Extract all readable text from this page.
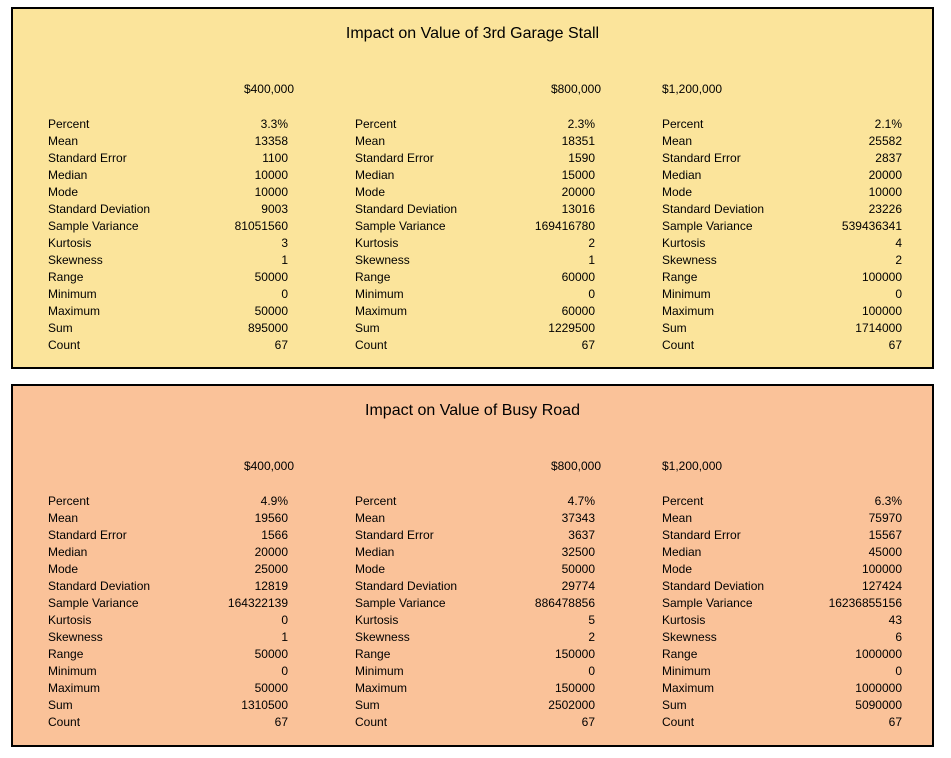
Impact on Value of 3rd Garage Stall
$400,000
Percent	3.3%
Mean	13358
Standard Error	1100
Median	10000
Mode	10000
Standard Deviation	9003
Sample Variance	81051560
Kurtosis	3
Skewness	1
Range	50000
Minimum	0
Maximum	50000
Sum	895000
Count	67
$800,000
Percent	2.3%
Mean	18351
Standard Error	1590
Median	15000
Mode	20000
Standard Deviation	13016
Sample Variance	169416780
Kurtosis	2
Skewness	1
Range	60000
Minimum	0
Maximum	60000
Sum	1229500
Count	67
$1,200,000
Percent	2.1%
Mean	25582
Standard Error	2837
Median	20000
Mode	10000
Standard Deviation	23226
Sample Variance	539436341
Kurtosis	4
Skewness	2
Range	100000
Minimum	0
Maximum	100000
Sum	1714000
Count	67
Impact on Value of Busy Road
$400,000
Percent	4.9%
Mean	19560
Standard Error	1566
Median	20000
Mode	25000
Standard Deviation	12819
Sample Variance	164322139
Kurtosis	0
Skewness	1
Range	50000
Minimum	0
Maximum	50000
Sum	1310500
Count	67
$800,000
Percent	4.7%
Mean	37343
Standard Error	3637
Median	32500
Mode	50000
Standard Deviation	29774
Sample Variance	886478856
Kurtosis	5
Skewness	2
Range	150000
Minimum	0
Maximum	150000
Sum	2502000
Count	67
$1,200,000
Percent	6.3%
Mean	75970
Standard Error	15567
Median	45000
Mode	100000
Standard Deviation	127424
Sample Variance	16236855156
Kurtosis	43
Skewness	6
Range	1000000
Minimum	0
Maximum	1000000
Sum	5090000
Count	67
